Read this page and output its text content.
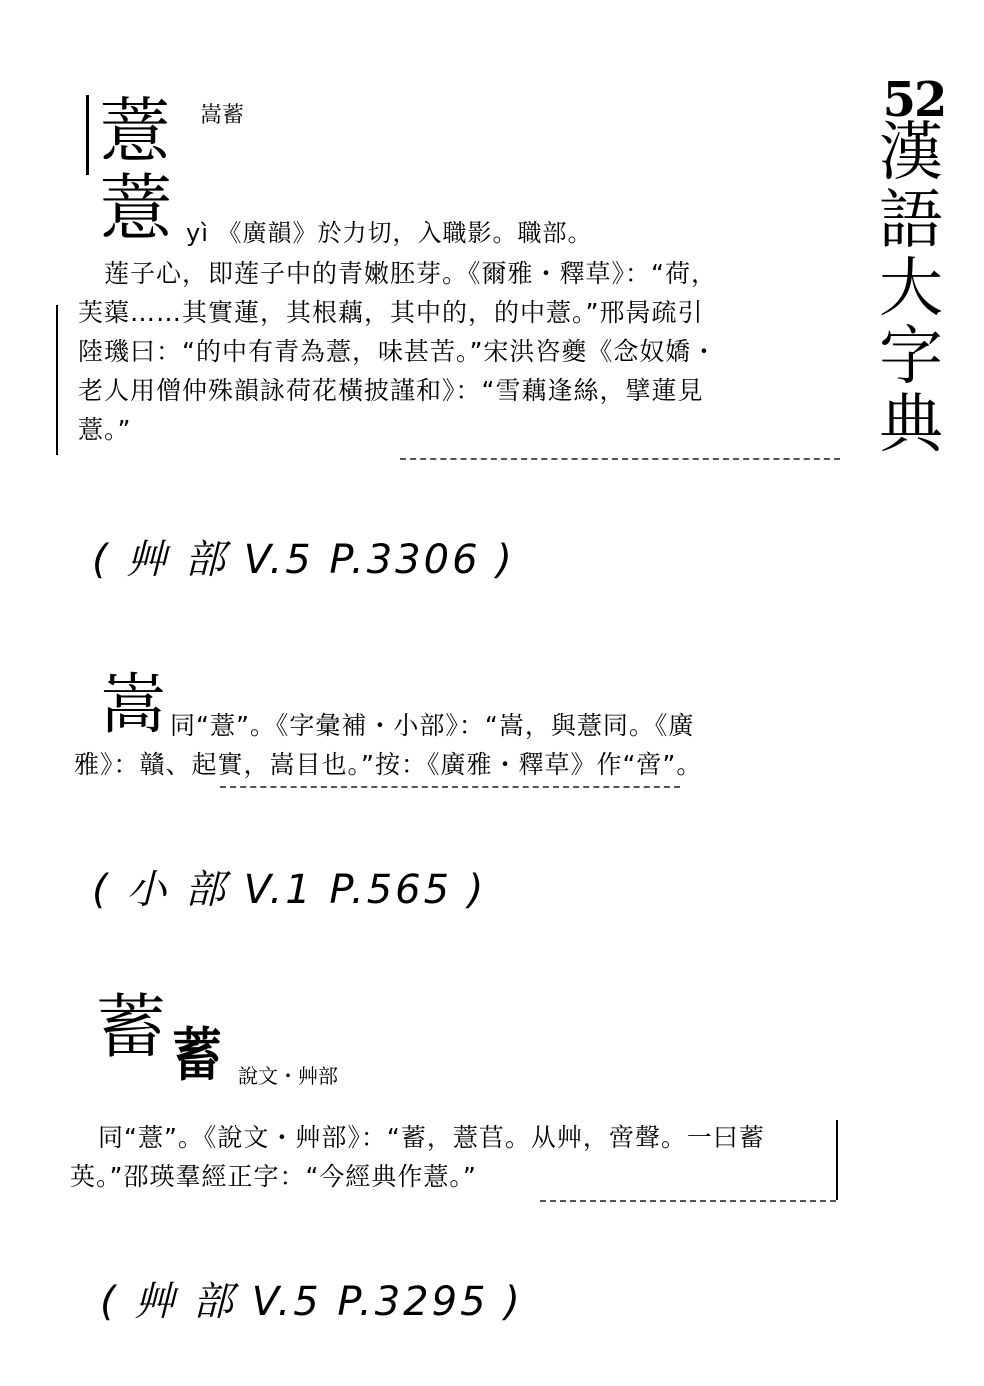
52
漢
語
大
字
典
薏 嵩蓄
薏 yì 《廣韻》於力切，入職影。職部。
莲子心，即莲子中的青嫩胚芽。《爾雅・釋草》：“荷，
芙蕖……其實蓮，其根藕，其中的，的中薏。”邢昺疏引
陸璣曰：“的中有青為薏，味甚苦。”宋洪咨夔《念奴嬌・
老人用僧仲殊韻詠荷花橫披謹和》：“雪藕逢絲，擘蓮見
薏。”
( 艸 部 V.5 P.3306 )
嵩 同“薏”。《字彙補・小部》：“嵩，與薏同。《廣
雅》：贛、起實，嵩目也。”按：《廣雅・釋草》作“啻”。
( 小 部 V.1 P.565 )
蓄 蓄 說文・艸部
同“薏”。《說文・艸部》：“蓄，薏苢。从艸，啻聲。一曰蓄
英。”邵瑛羣經正字：“今經典作薏。”
( 艸 部 V.5 P.3295 )
